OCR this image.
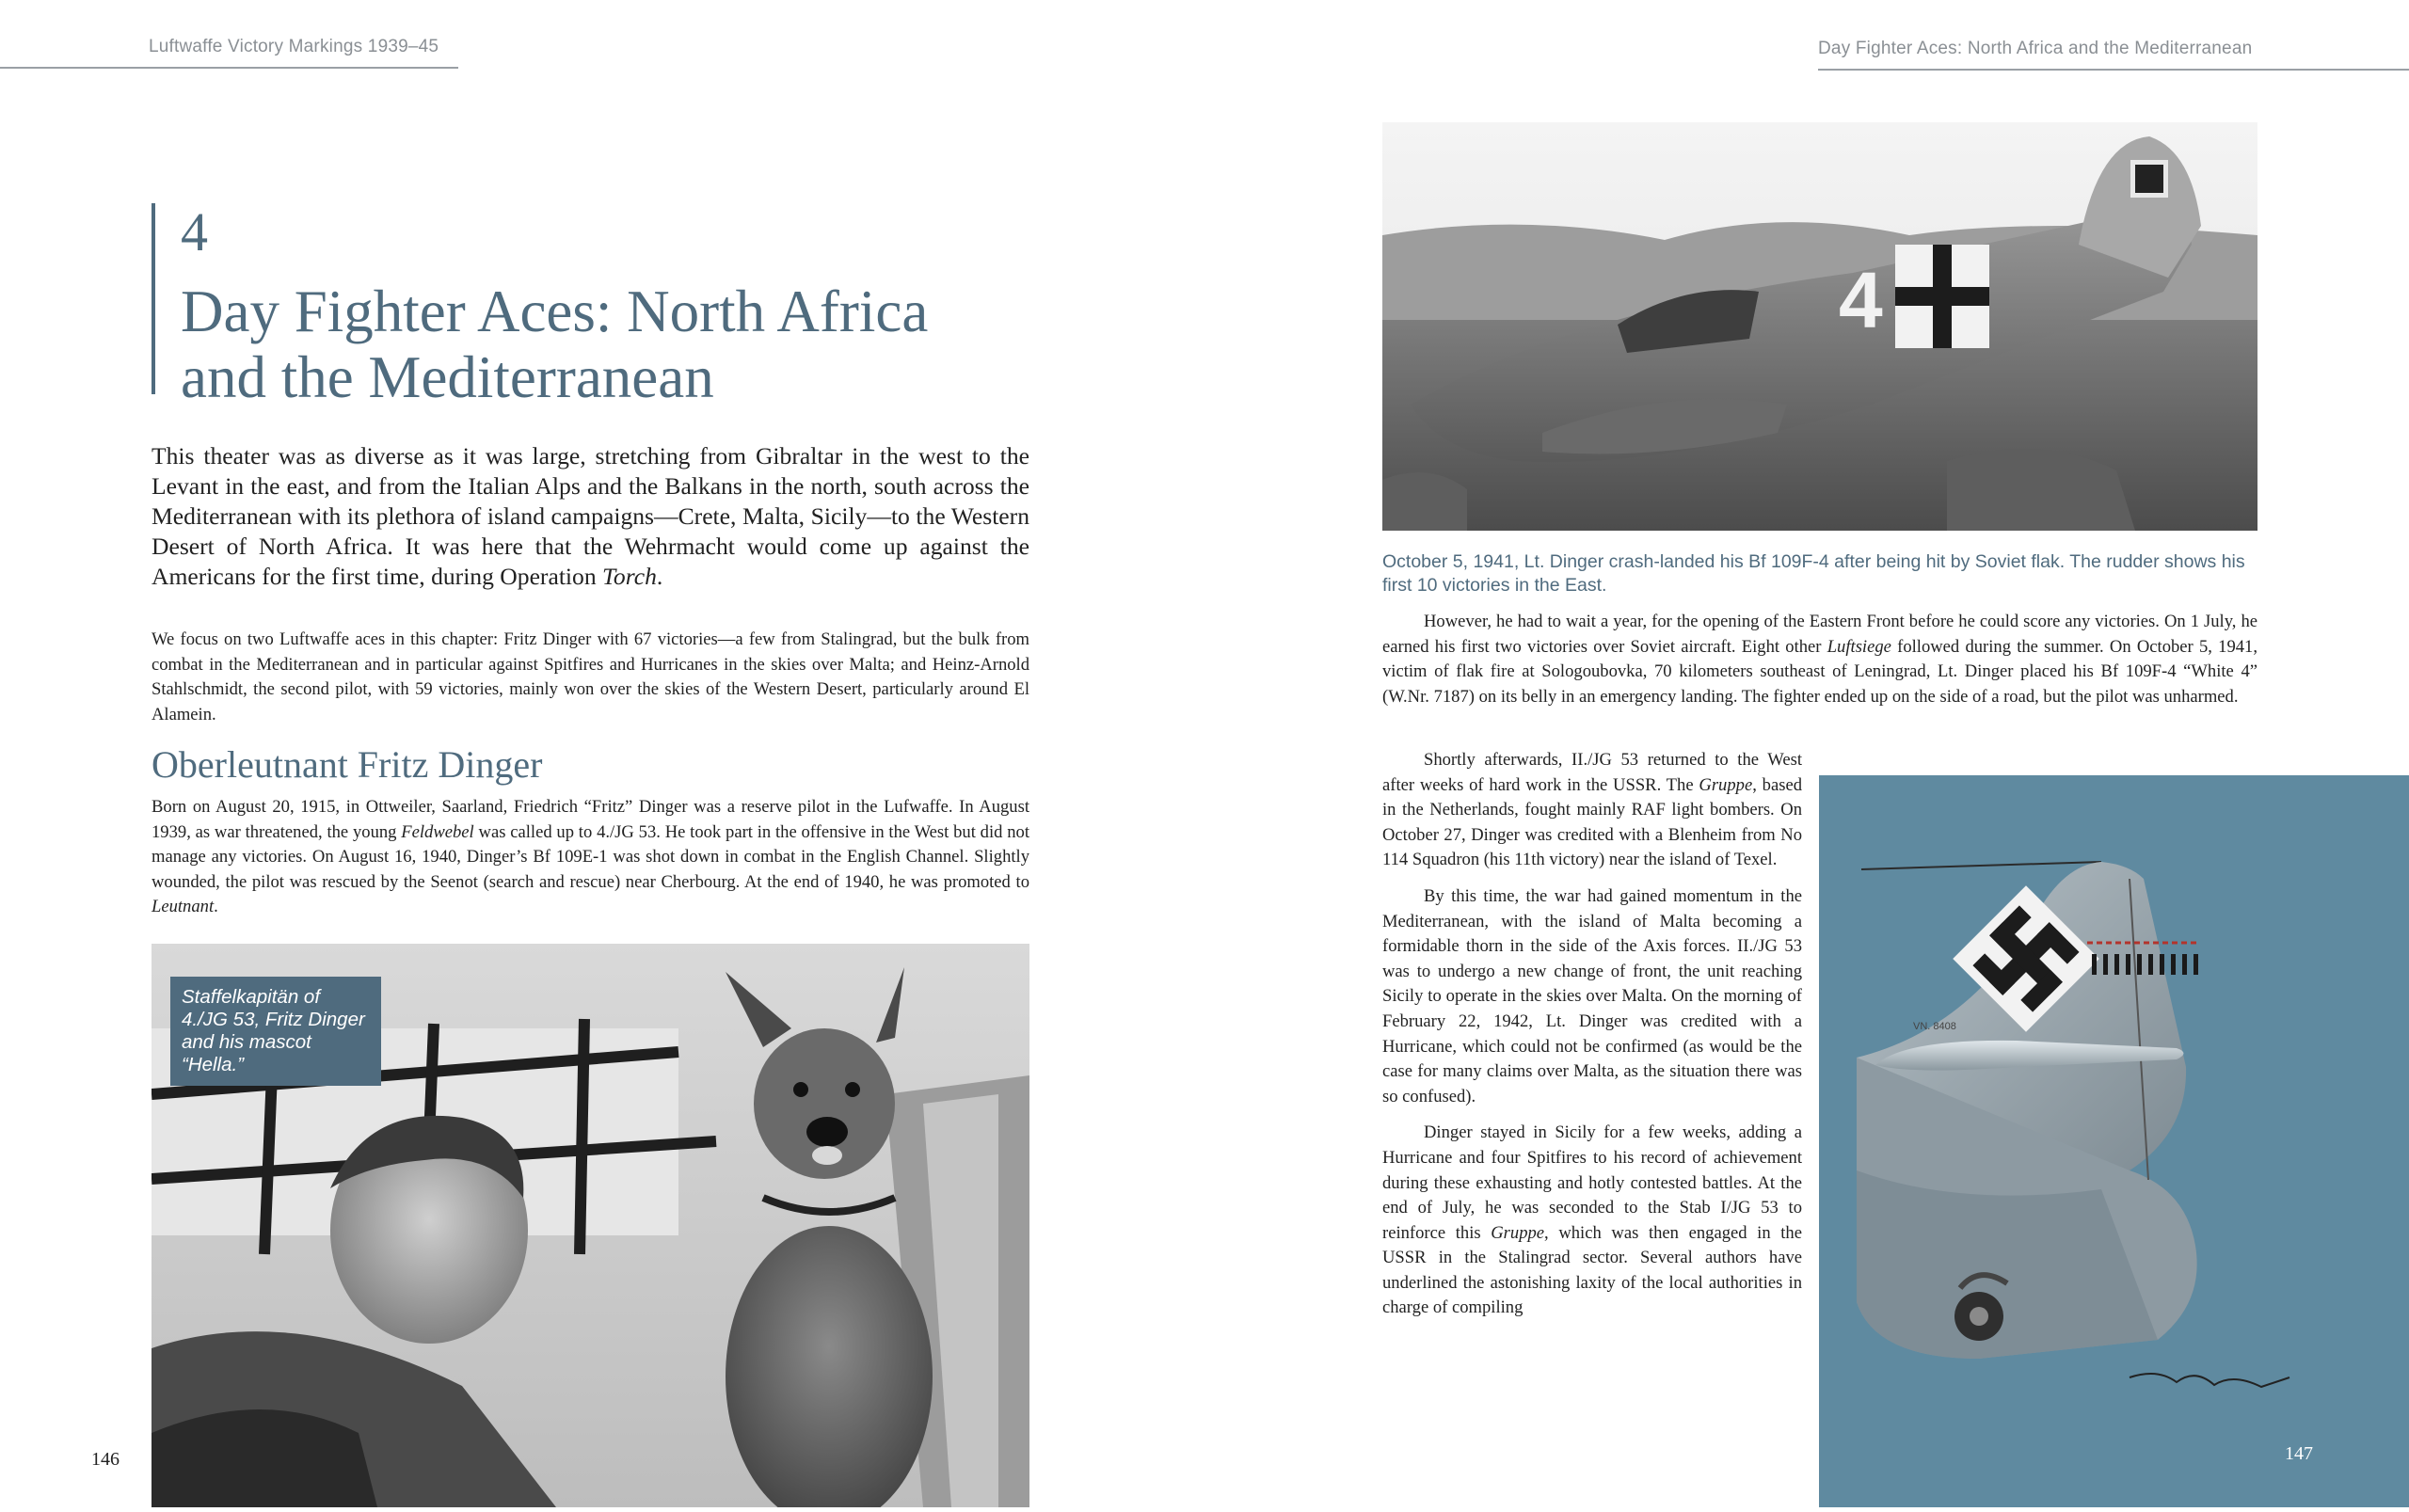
Luftwaffe Victory Markings 1939–45	Day Fighter Aces: North Africa and the Mediterranean
4
Day Fighter Aces: North Africa
and the Mediterranean
This theater was as diverse as it was large, stretching from Gibraltar in the west to the Levant in the east, and from the Italian Alps and the Balkans in the north, south across the Mediterranean with its plethora of island campaigns—Crete, Malta, Sicily—to the Western Desert of North Africa. It was here that the Wehrmacht would come up against the Americans for the first time, during Operation Torch.
We focus on two Luftwaffe aces in this chapter: Fritz Dinger with 67 victories—a few from Stalingrad, but the bulk from combat in the Mediterranean and in particular against Spitfires and Hurricanes in the skies over Malta; and Heinz-Arnold Stahlschmidt, the second pilot, with 59 victories, mainly won over the skies of the Western Desert, particularly around El Alamein.
Oberleutnant Fritz Dinger
Born on August 20, 1915, in Ottweiler, Saarland, Friedrich “Fritz” Dinger was a reserve pilot in the Lufwaffe. In August 1939, as war threatened, the young Feldwebel was called up to 4./JG 53. He took part in the offensive in the West but did not manage any victories. On August 16, 1940, Dinger’s Bf 109E-1 was shot down in combat in the English Channel. Slightly wounded, the pilot was rescued by the Seenot (search and rescue) near Cherbourg. At the end of 1940, he was promoted to Leutnant.
Staffelkapitän of 4./JG 53, Fritz Dinger and his mascot “Hella.”
4
October 5, 1941, Lt. Dinger crash-landed his Bf 109F-4 after being hit by Soviet flak. The rudder shows his first 10 victories in the East.

However, he had to wait a year, for the opening of the Eastern Front before he could score any victories. On 1 July, he earned his first two victories over Soviet aircraft. Eight other Luftsiege followed during the summer. On October 5, 1941, victim of flak fire at Sologoubovka, 70 kilometers southeast of Leningrad, Lt. Dinger placed his Bf 109F-4 “White 4” (W.Nr. 7187) on its belly in an emergency landing. The fighter ended up on the side of a road, but the pilot was unharmed.

Shortly afterwards, II./JG 53 returned to the West after weeks of hard work in the USSR. The Gruppe, based in the Netherlands, fought mainly RAF light bombers. On October 27, Dinger was credited with a Blenheim from No 114 Squadron (his 11th victory) near the island of Texel.

By this time, the war had gained momentum in the Mediterranean, with the island of Malta becoming a formidable thorn in the side of the Axis forces. II./JG 53 was to undergo a new change of front, the unit reaching Sicily to operate in the skies over Malta. On the morning of February 22, 1942, Lt. Dinger was credited with a Hurricane, which could not be confirmed (as would be the case for many claims over Malta, as the situation there was so confused).

Dinger stayed in Sicily for a few weeks, adding a Hurricane and four Spitfires to his record of achievement during these exhausting and hotly contested battles. At the end of July, he was seconded to the Stab I/JG 53 to reinforce this Gruppe, which was then engaged in the USSR in the Stalingrad sector. Several authors have underlined the astonishing laxity of the local authorities in charge of compiling

VN. 8408
146	147
